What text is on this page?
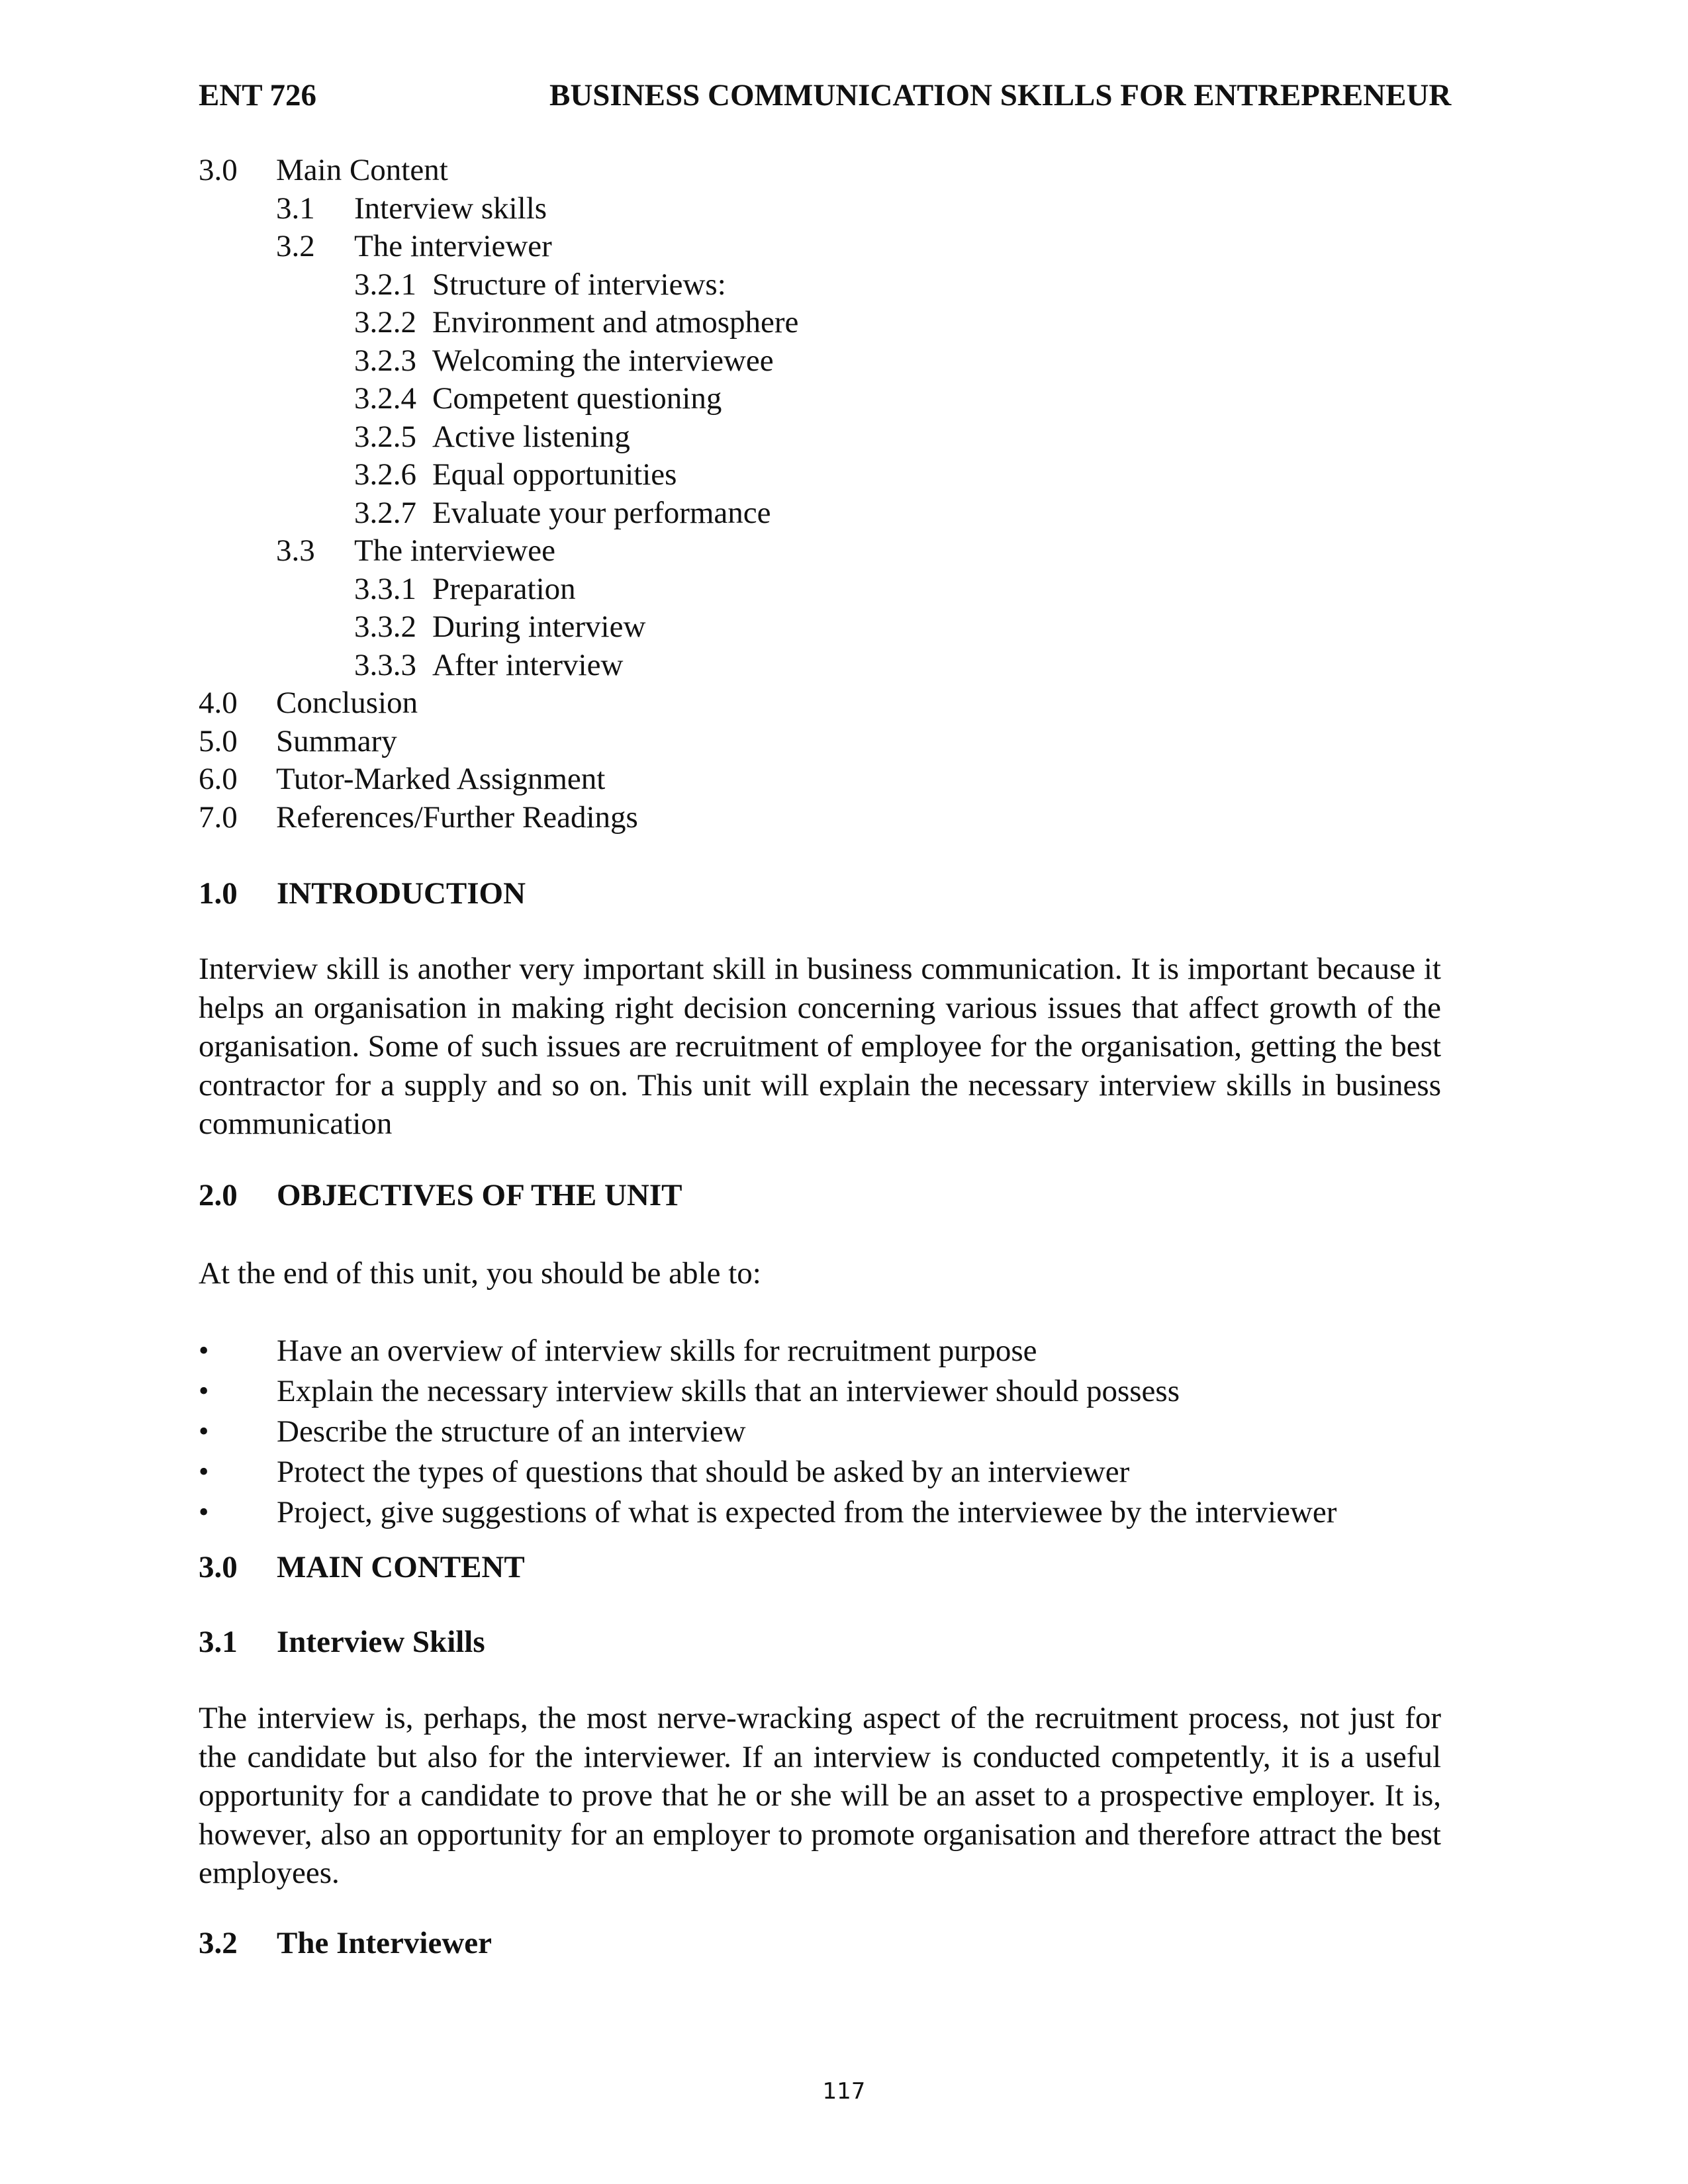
ENT 726	BUSINESS COMMUNICATION SKILLS FOR ENTREPRENEUR
3.0 Main Content
3.1 Interview skills
3.2 The interviewer
3.2.1 Structure of interviews:
3.2.2 Environment and atmosphere
3.2.3 Welcoming the interviewee
3.2.4 Competent questioning
3.2.5 Active listening
3.2.6 Equal opportunities
3.2.7 Evaluate your performance
3.3 The interviewee
3.3.1 Preparation
3.3.2 During interview
3.3.3 After interview
4.0 Conclusion
5.0 Summary
6.0 Tutor-Marked Assignment
7.0 References/Further Readings
1.0 INTRODUCTION
Interview skill is another very important skill in business communication. It is important because it helps an organisation in making right decision concerning various issues that affect growth of the organisation. Some of such issues are recruitment of employee for the organisation, getting the best contractor for a supply and so on. This unit will explain the necessary interview skills in business communication
2.0 OBJECTIVES OF THE UNIT
At the end of this unit, you should be able to:
• Have an overview of interview skills for recruitment purpose
• Explain the necessary interview skills that an interviewer should possess
• Describe the structure of an interview
• Protect the types of questions that should be asked by an interviewer
• Project, give suggestions of what is expected from the interviewee by the interviewer
3.0 MAIN CONTENT
3.1 Interview Skills
The interview is, perhaps, the most nerve-wracking aspect of the recruitment process, not just for the candidate but also for the interviewer. If an interview is conducted competently, it is a useful opportunity for a candidate to prove that he or she will be an asset to a prospective employer. It is, however, also an opportunity for an employer to promote organisation and therefore attract the best employees.
3.2 The Interviewer
117
